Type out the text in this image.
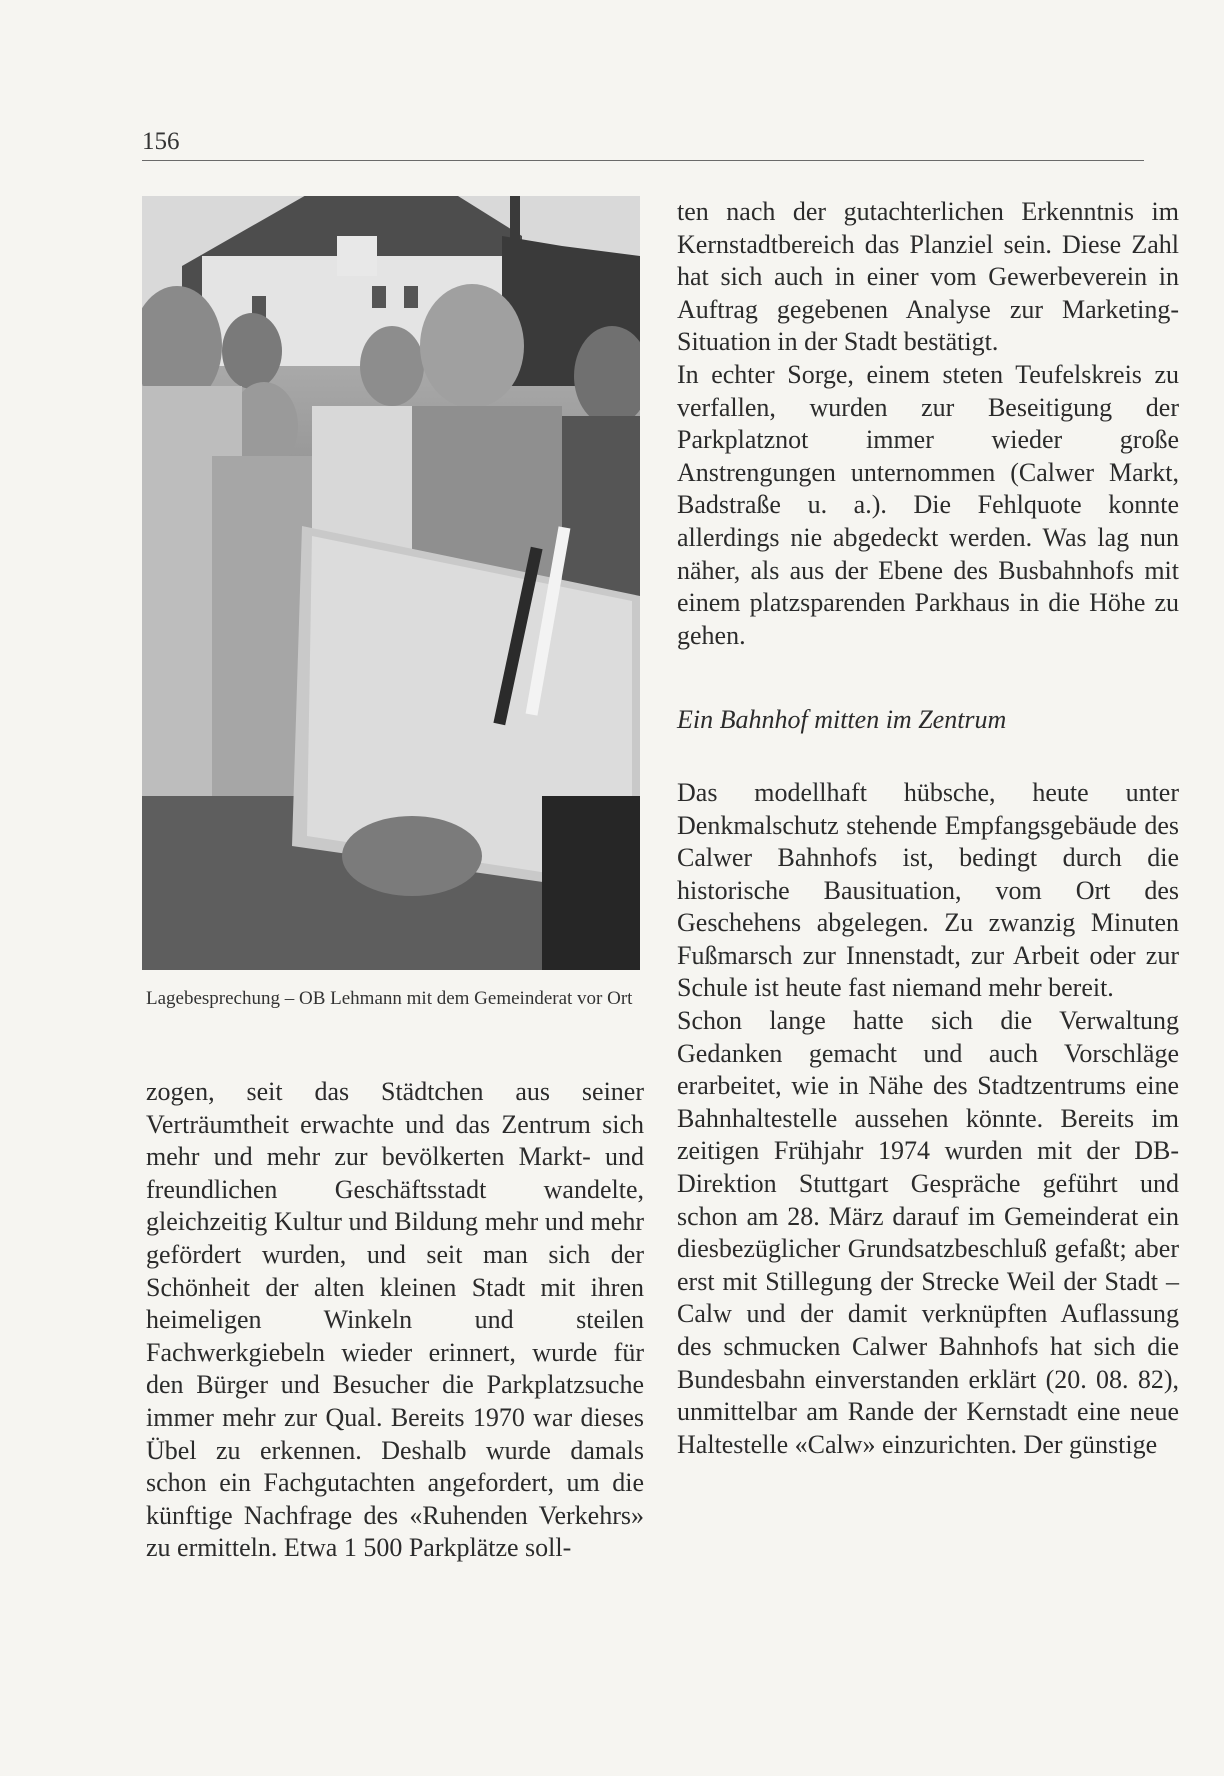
156
Lagebesprechung – OB Lehmann mit dem Gemeinderat vor Ort

zogen, seit das Städtchen aus seiner Verträumtheit erwachte und das Zentrum sich mehr und mehr zur bevölkerten Markt- und freundlichen Geschäftsstadt wandelte, gleichzeitig Kultur und Bildung mehr und mehr gefördert wurden, und seit man sich der Schönheit der alten kleinen Stadt mit ihren heimeligen Winkeln und steilen Fachwerkgiebeln wieder erinnert, wurde für den Bürger und Besucher die Parkplatzsuche immer mehr zur Qual. Bereits 1970 war dieses Übel zu erkennen. Deshalb wurde damals schon ein Fachgutachten angefordert, um die künftige Nachfrage des «Ruhenden Verkehrs» zu ermitteln. Etwa 1 500 Parkplätze soll-

ten nach der gutachterlichen Erkenntnis im Kernstadtbereich das Planziel sein. Diese Zahl hat sich auch in einer vom Gewerbeverein in Auftrag gegebenen Analyse zur Marketing-Situation in der Stadt bestätigt.

In echter Sorge, einem steten Teufelskreis zu verfallen, wurden zur Beseitigung der Parkplatznot immer wieder große Anstrengungen unternommen (Calwer Markt, Badstraße u. a.). Die Fehlquote konnte allerdings nie abgedeckt werden. Was lag nun näher, als aus der Ebene des Busbahnhofs mit einem platzsparenden Parkhaus in die Höhe zu gehen.

Ein Bahnhof mitten im Zentrum

Das modellhaft hübsche, heute unter Denkmalschutz stehende Empfangsgebäude des Calwer Bahnhofs ist, bedingt durch die historische Bausituation, vom Ort des Geschehens abgelegen. Zu zwanzig Minuten Fußmarsch zur Innenstadt, zur Arbeit oder zur Schule ist heute fast niemand mehr bereit.

Schon lange hatte sich die Verwaltung Gedanken gemacht und auch Vorschläge erarbeitet, wie in Nähe des Stadtzentrums eine Bahnhaltestelle aussehen könnte. Bereits im zeitigen Frühjahr 1974 wurden mit der DB-Direktion Stuttgart Gespräche geführt und schon am 28. März darauf im Gemeinderat ein diesbezüglicher Grundsatzbeschluß gefaßt; aber erst mit Stillegung der Strecke Weil der Stadt – Calw und der damit verknüpften Auflassung des schmucken Calwer Bahnhofs hat sich die Bundesbahn einverstanden erklärt (20. 08. 82), unmittelbar am Rande der Kernstadt eine neue Haltestelle «Calw» einzurichten. Der günstige
